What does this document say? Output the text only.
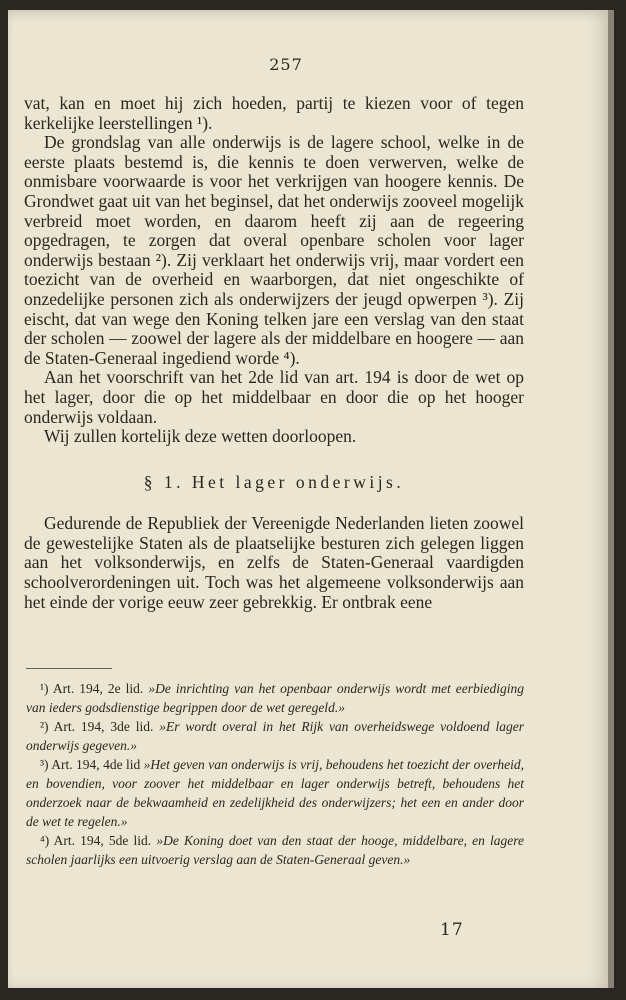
257

vat, kan en moet hij zich hoeden, partij te kiezen voor of tegen kerkelijke leerstellingen ¹).

De grondslag van alle onderwijs is de lagere school, welke in de eerste plaats bestemd is, die kennis te doen verwerven, welke de onmisbare voorwaarde is voor het verkrijgen van hoogere kennis. De Grondwet gaat uit van het beginsel, dat het onderwijs zooveel mogelijk verbreid moet worden, en daarom heeft zij aan de regeering opgedragen, te zorgen dat overal openbare scholen voor lager onderwijs bestaan ²). Zij verklaart het onderwijs vrij, maar vordert een toezicht van de overheid en waarborgen, dat niet ongeschikte of onzedelijke personen zich als onderwijzers der jeugd opwerpen ³). Zij eischt, dat van wege den Koning telken jare een verslag van den staat der scholen — zoowel der lagere als der middelbare en hoogere — aan de Staten-Generaal ingediend worde ⁴).

Aan het voorschrift van het 2de lid van art. 194 is door de wet op het lager, door die op het middelbaar en door die op het hooger onderwijs voldaan.

Wij zullen kortelijk deze wetten doorloopen.

§ 1. Het lager onderwijs.

Gedurende de Republiek der Vereenigde Nederlanden lieten zoowel de gewestelijke Staten als de plaatselijke besturen zich gelegen liggen aan het volksonderwijs, en zelfs de Staten-Generaal vaardigden schoolverordeningen uit. Toch was het algemeene volksonderwijs aan het einde der vorige eeuw zeer gebrekkig. Er ontbrak eene

¹) Art. 194, 2e lid. »De inrichting van het openbaar onderwijs wordt met eerbiediging van ieders godsdienstige begrippen door de wet geregeld.»

²) Art. 194, 3de lid. »Er wordt overal in het Rijk van overheidswege voldoend lager onderwijs gegeven.»

³) Art. 194, 4de lid »Het geven van onderwijs is vrij, behoudens het toezicht der overheid, en bovendien, voor zoover het middelbaar en lager onderwijs betreft, behoudens het onderzoek naar de bekwaamheid en zedelijkheid des onderwijzers; het een en ander door de wet te regelen.»

⁴) Art. 194, 5de lid. »De Koning doet van den staat der hooge, middelbare, en lagere scholen jaarlijks een uitvoerig verslag aan de Staten-Generaal geven.»

17
